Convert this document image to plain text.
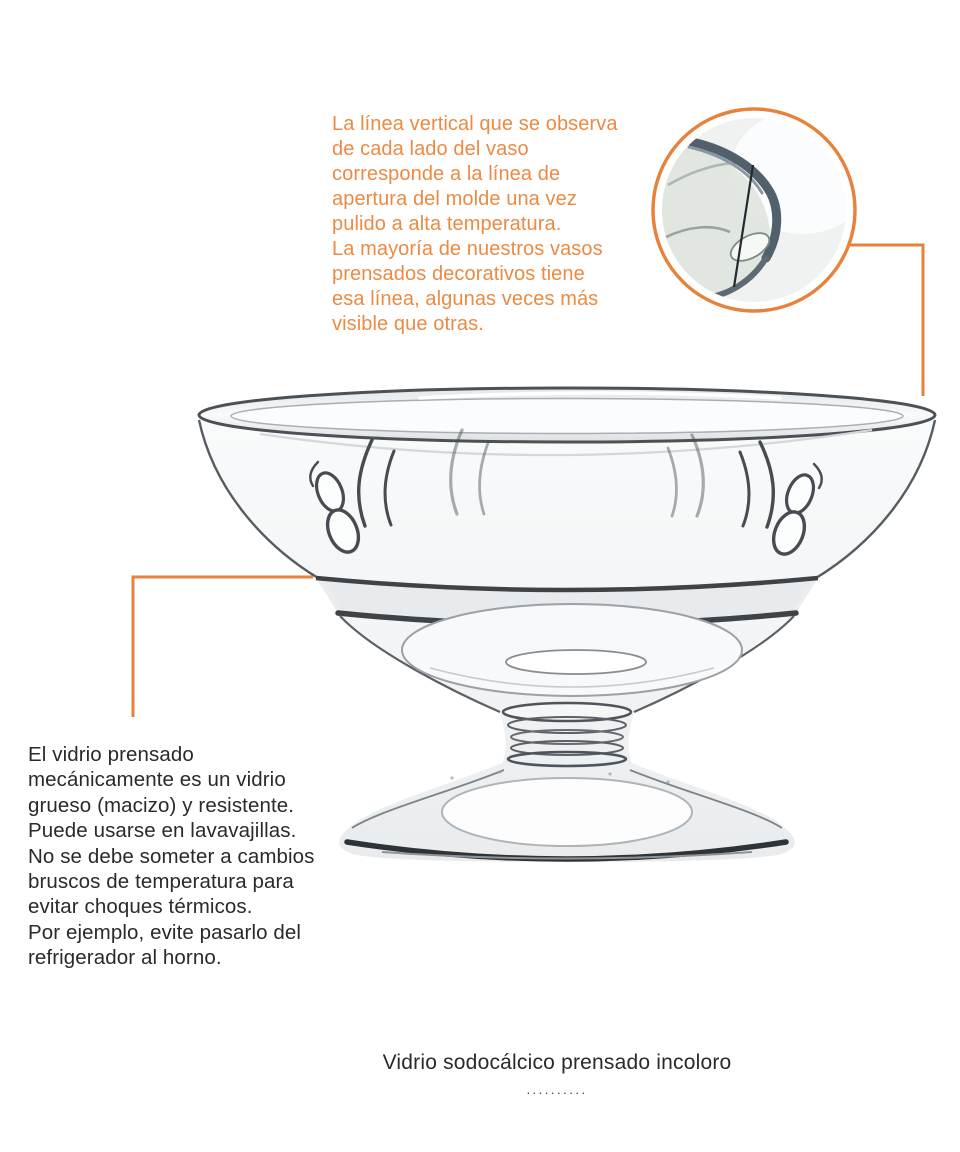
La línea vertical que se observa
de cada lado del vaso
corresponde a la línea de
apertura del molde una vez
pulido a alta temperatura.
La mayoría de nuestros vasos
prensados decorativos tiene
esa línea, algunas veces más
visible que otras.
El vidrio prensado
mecánicamente es un vidrio
grueso (macizo) y resistente.
Puede usarse en lavavajillas.
No se debe someter a cambios
bruscos de temperatura para
evitar choques térmicos.
Por ejemplo, evite pasarlo del
refrigerador al horno.
Vidrio sodocálcico prensado incoloro
..........
